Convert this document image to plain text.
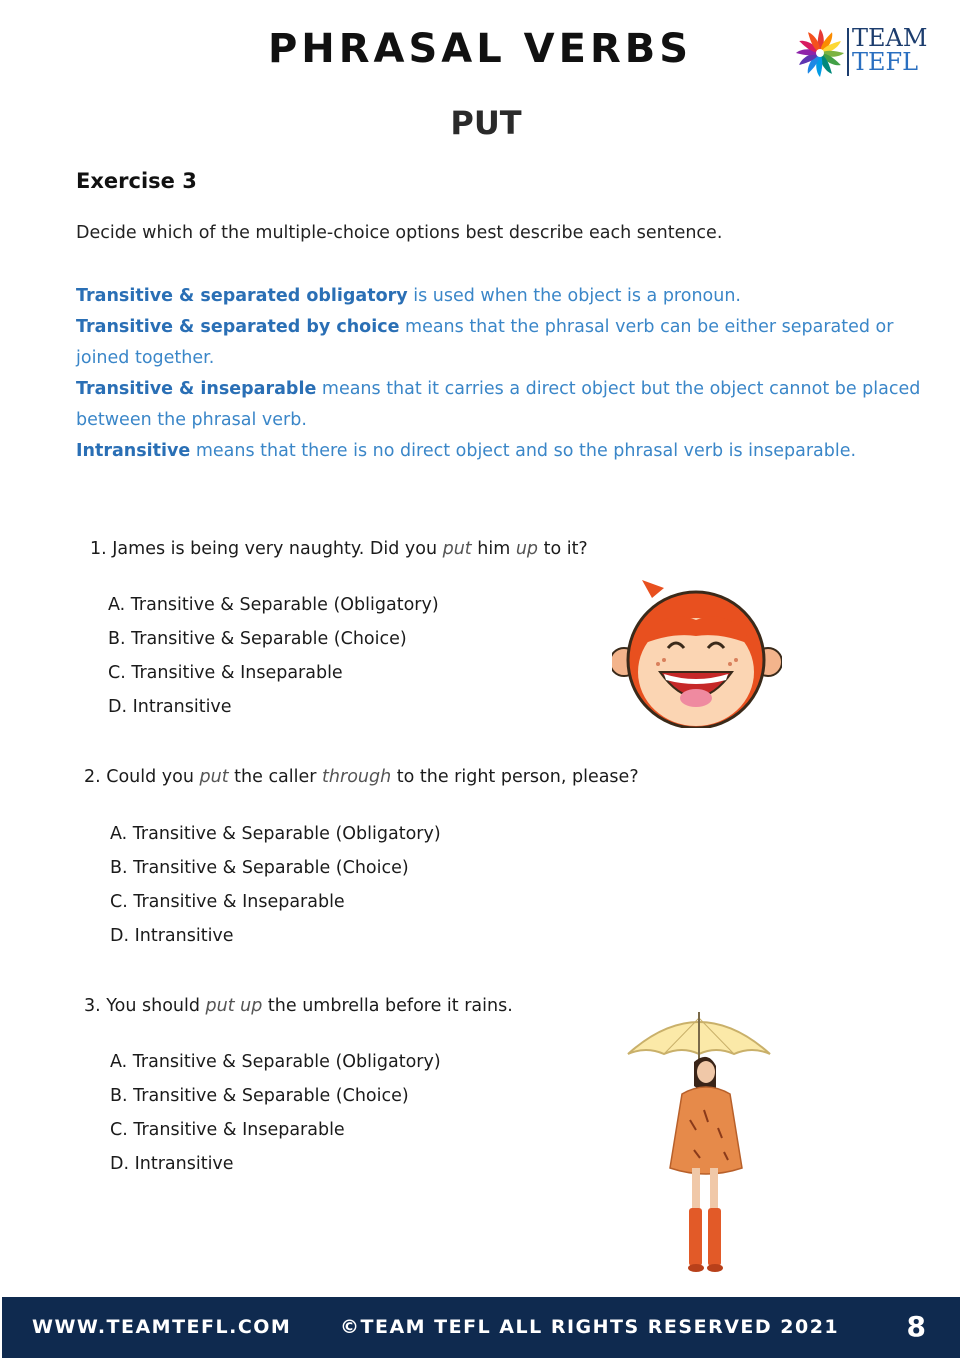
PHRASAL VERBS
PUT
TEAM
TEFL
Exercise 3
Decide which of the multiple-choice options best describe each sentence.
Transitive & separated obligatory is used when the object is a pronoun.
Transitive & separated by choice means that the phrasal verb can be either separated or joined together.
Transitive & inseparable means that it carries a direct object but the object cannot be placed between the phrasal verb.
Intransitive means that there is no direct object and so the phrasal verb is inseparable.
1. James is being very naughty. Did you put him up to it?
A. Transitive & Separable (Obligatory)
B. Transitive & Separable (Choice)
C. Transitive & Inseparable
D. Intransitive
2. Could you put the caller through to the right person, please?
A. Transitive & Separable (Obligatory)
B. Transitive & Separable (Choice)
C. Transitive & Inseparable
D. Intransitive
3. You should put up the umbrella before it rains.
A. Transitive & Separable (Obligatory)
B. Transitive & Separable (Choice)
C. Transitive & Inseparable
D. Intransitive
WWW.TEAMTEFL.COM	©TEAM TEFL ALL RIGHTS RESERVED 2021 8
